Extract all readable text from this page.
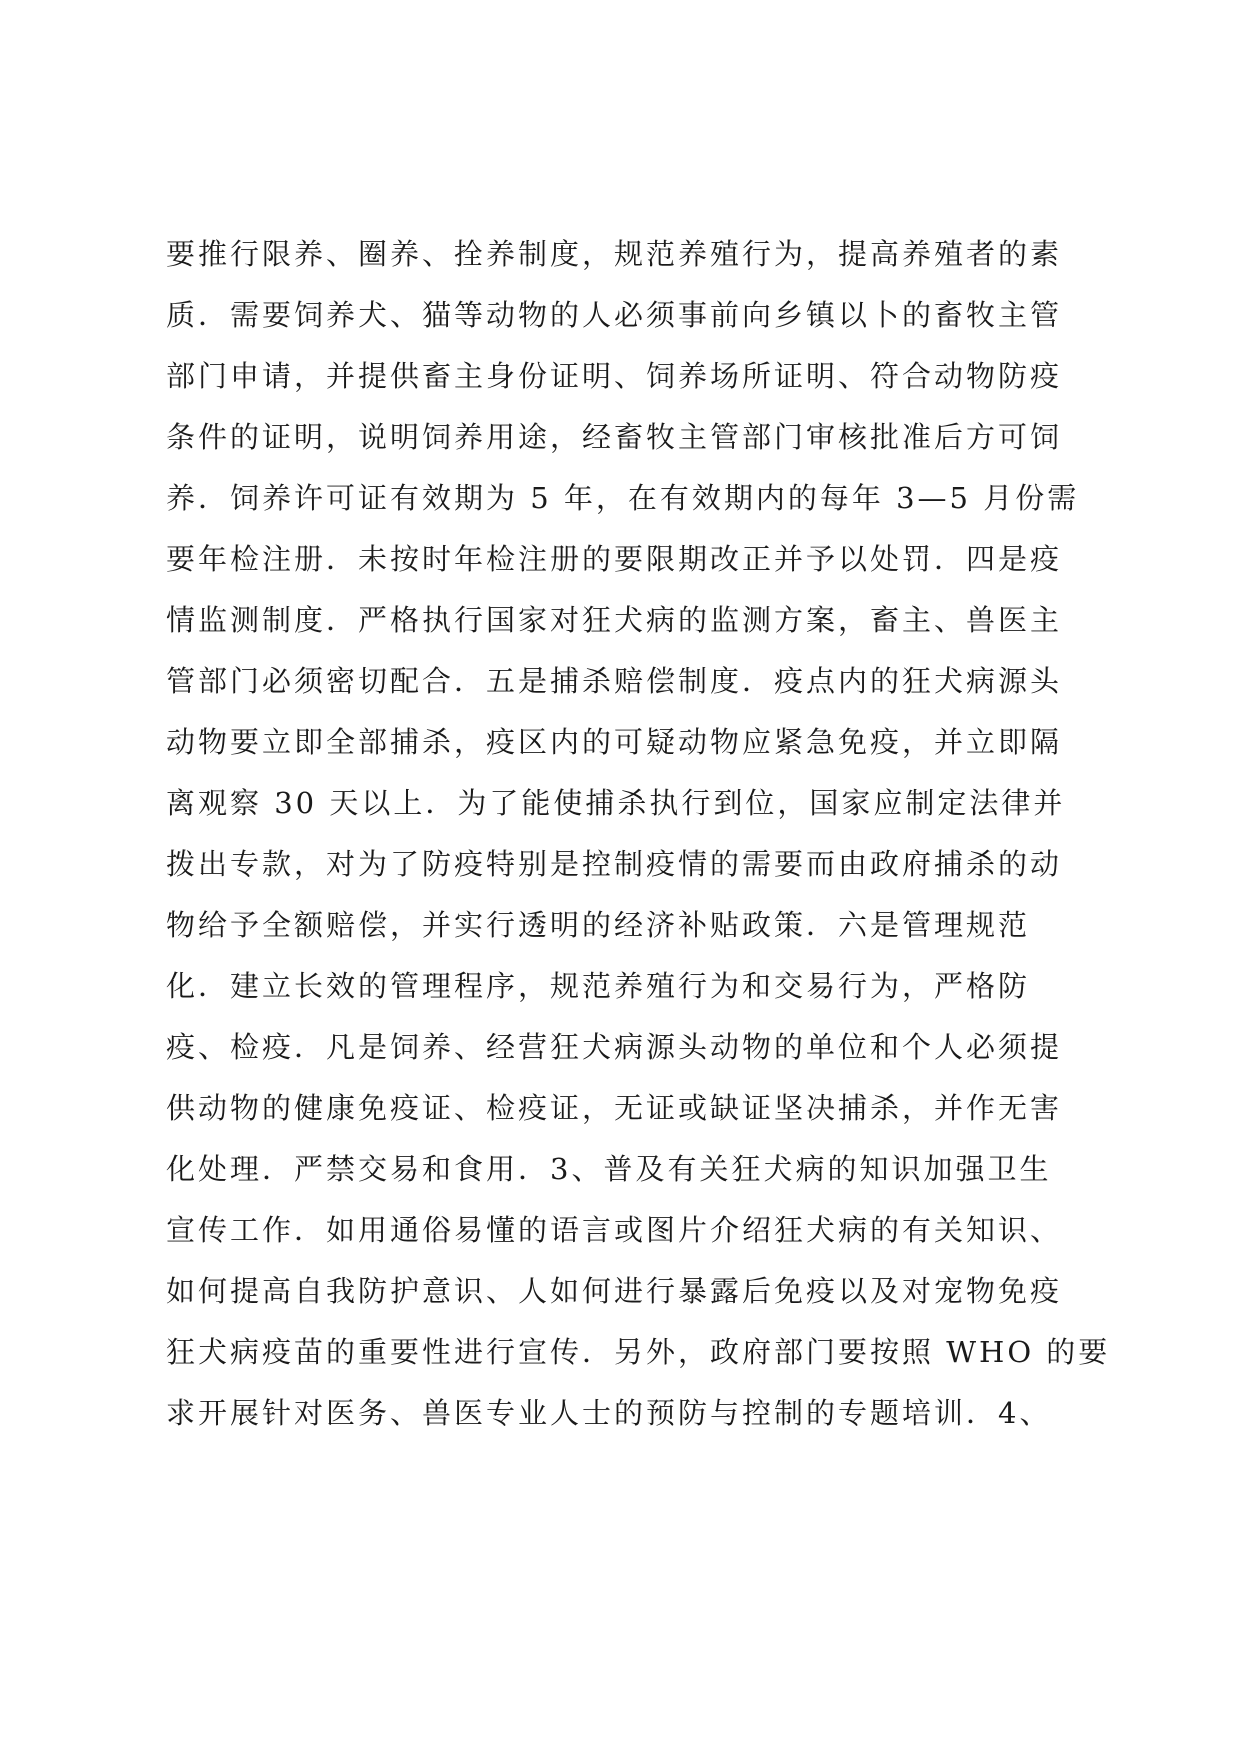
要推行限养、圈养、拴养制度，规范养殖行为，提高养殖者的素
质．需要饲养犬、猫等动物的人必须事前向乡镇以卜的畜牧主管
部门申请，并提供畜主身份证明、饲养场所证明、符合动物防疫
条件的证明，说明饲养用途，经畜牧主管部门审核批准后方可饲
养．饲养许可证有效期为 5 年，在有效期内的每年 3—5 月份需
要年检注册．未按时年检注册的要限期改正并予以处罚．四是疫
情监测制度．严格执行国家对狂犬病的监测方案，畜主、兽医主
管部门必须密切配合．五是捕杀赔偿制度．疫点内的狂犬病源头
动物要立即全部捕杀，疫区内的可疑动物应紧急免疫，并立即隔
离观察 30 天以上．为了能使捕杀执行到位，国家应制定法律并
拨出专款，对为了防疫特别是控制疫情的需要而由政府捕杀的动
物给予全额赔偿，并实行透明的经济补贴政策．六是管理规范
化．建立长效的管理程序，规范养殖行为和交易行为，严格防
疫、检疫．凡是饲养、经营狂犬病源头动物的单位和个人必须提
供动物的健康免疫证、检疫证，无证或缺证坚决捕杀，并作无害
化处理．严禁交易和食用．3、普及有关狂犬病的知识加强卫生
宣传工作．如用通俗易懂的语言或图片介绍狂犬病的有关知识、
如何提高自我防护意识、人如何进行暴露后免疫以及对宠物免疫
狂犬病疫苗的重要性进行宣传．另外，政府部门要按照 WHO 的要
求开展针对医务、兽医专业人士的预防与控制的专题培训．4、
